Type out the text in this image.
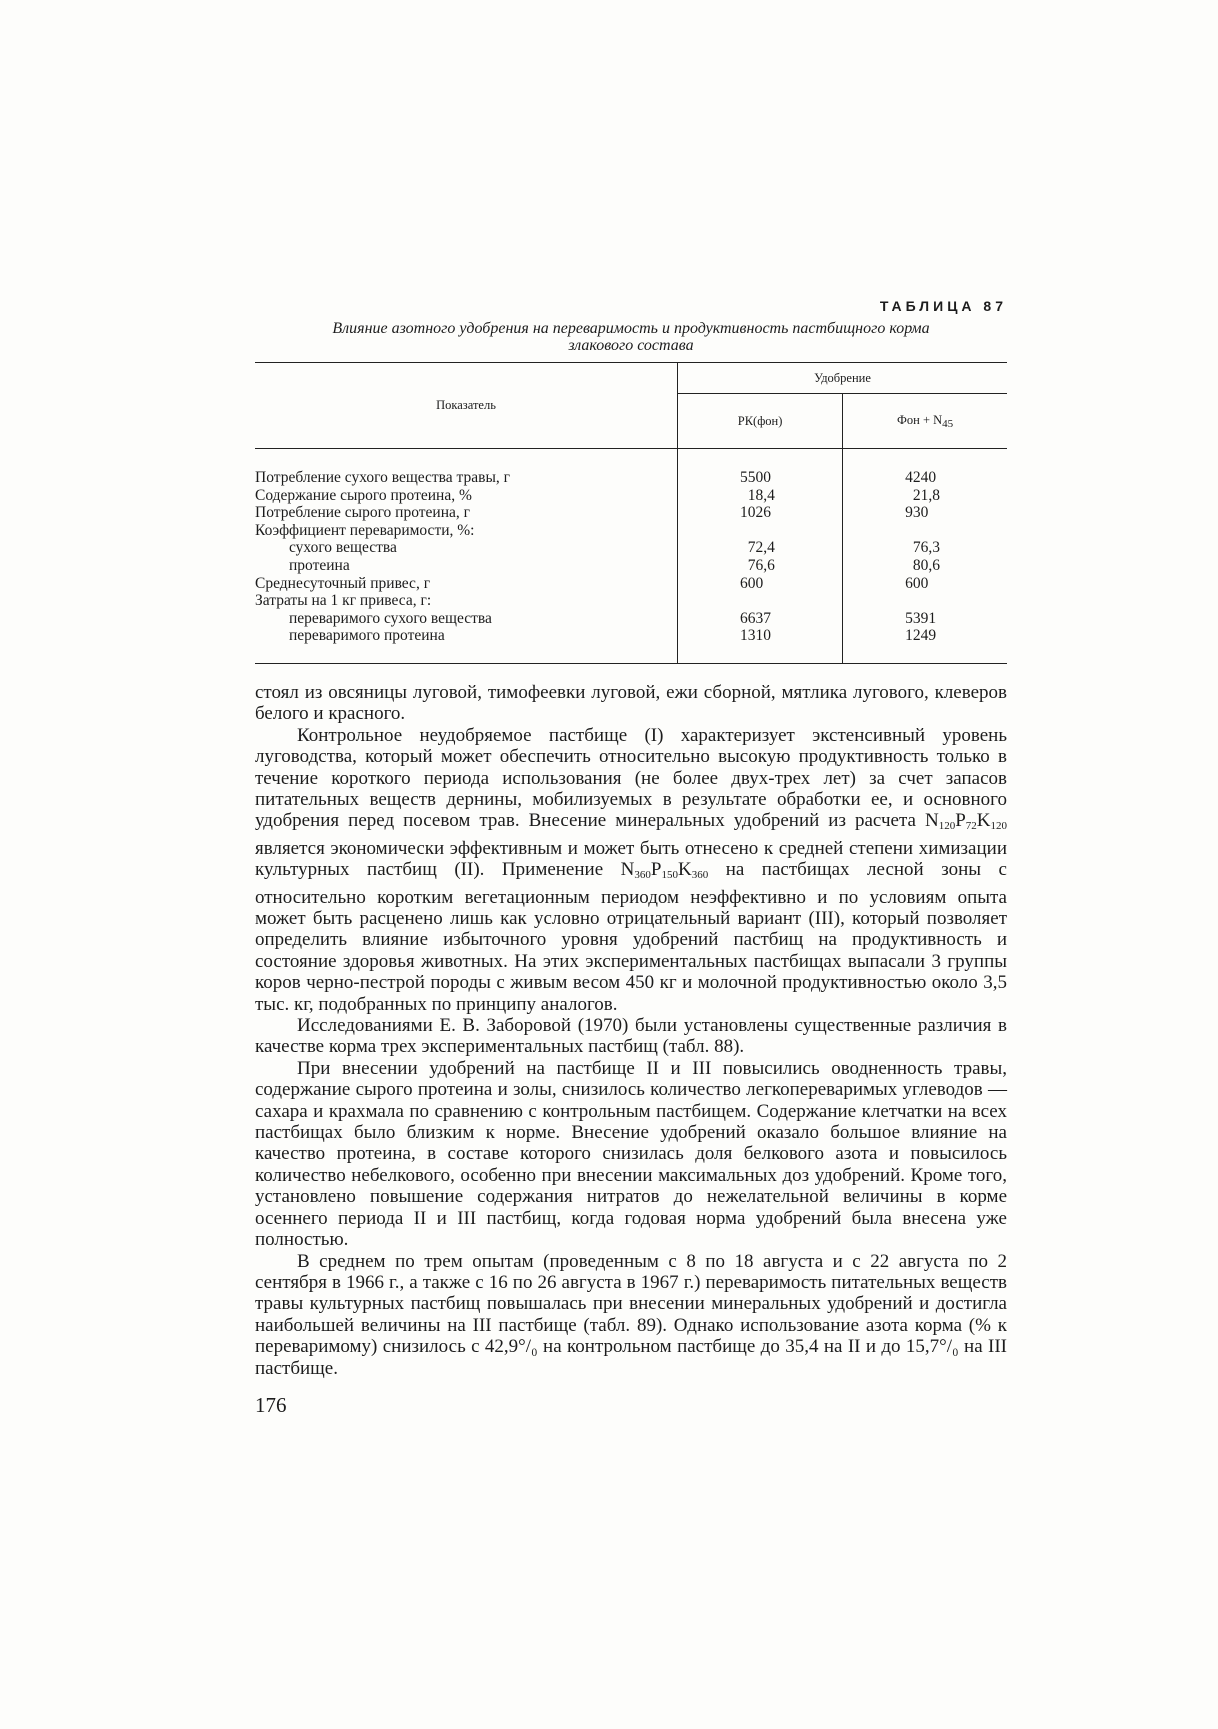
ТАБЛИЦА 87
Влияние азотного удобрения на переваримость и продуктивность пастбищного корма
злакового состава
Показатель	Удобрение	
	РК(фон)	Фон + $N_{45}$

Потребление сухого вещества травы, г	5500	4240

Содержание сырого протеина, %	18,4	21,8

Потребление сырого протеина, г	1026	930

Коэффициент переваримости, %:		

сухого вещества	72,4	76,3

протеина	76,6	80,6

Среднесуточный привес, г	600	600

Затраты на 1 кг привеса, г:		

переваримого сухого вещества	6637	5391

переваримого протеина	1310	1249

стоял из овсяницы луговой, тимофеевки луговой, ежи сборной, мятлика лугового, клеверов белого и красного.

Контрольное неудобряемое пастбище (I) характеризует экстенсивный уровень луговодства, который может обеспечить относительно высокую продуктивность только в течение короткого периода использования (не более двух-трех лет) за счет запасов питательных веществ дернины, мобилизуемых в результате обработки ее, и основного удобрения перед посевом трав. Внесение минеральных удобрений из расчета $N_{120}P_{72}K_{120}$ является экономически эффективным и может быть отнесено к средней степени химизации культурных пастбищ (II). Применение $N_{360}P_{150}K_{360}$ на пастбищах лесной зоны с относительно коротким вегетационным периодом неэффективно и по условиям опыта может быть расценено лишь как условно отрицательный вариант (III), который позволяет определить влияние избыточного уровня удобрений пастбищ на продуктивность и состояние здоровья животных. На этих экспериментальных пастбищах выпасали 3 группы коров черно-пестрой породы с живым весом 450 кг и молочной продуктивностью около 3,5 тыс. кг, подобранных по принципу аналогов.

Исследованиями Е. В. Заборовой (1970) были установлены существенные различия в качестве корма трех экспериментальных пастбищ (табл. 88).

При внесении удобрений на пастбище II и III повысились оводненность травы, содержание сырого протеина и золы, снизилось количество легкопереваримых углеводов — сахара и крахмала по сравнению с контрольным пастбищем. Содержание клетчатки на всех пастбищах было близким к норме. Внесение удобрений оказало большое влияние на качество протеина, в составе которого снизилась доля белкового азота и повысилось количество небелкового, особенно при внесении максимальных доз удобрений. Кроме того, установлено повышение содержания нитратов до нежелательной величины в корме осеннего периода II и III пастбищ, когда годовая норма удобрений была внесена уже полностью.

В среднем по трем опытам (проведенным с 8 по 18 августа и с 22 августа по 2 сентября в 1966 г., а также с 16 по 26 августа в 1967 г.) переваримость питательных веществ травы культурных пастбищ повышалась при внесении минеральных удобрений и достигла наибольшей величины на III пастбище (табл. 89). Однако использование азота корма (% к переваримому) снизилось с 42,9°/₀ на контрольном пастбище до 35,4 на II и до 15,7°/₀ на III пастбище.

176
